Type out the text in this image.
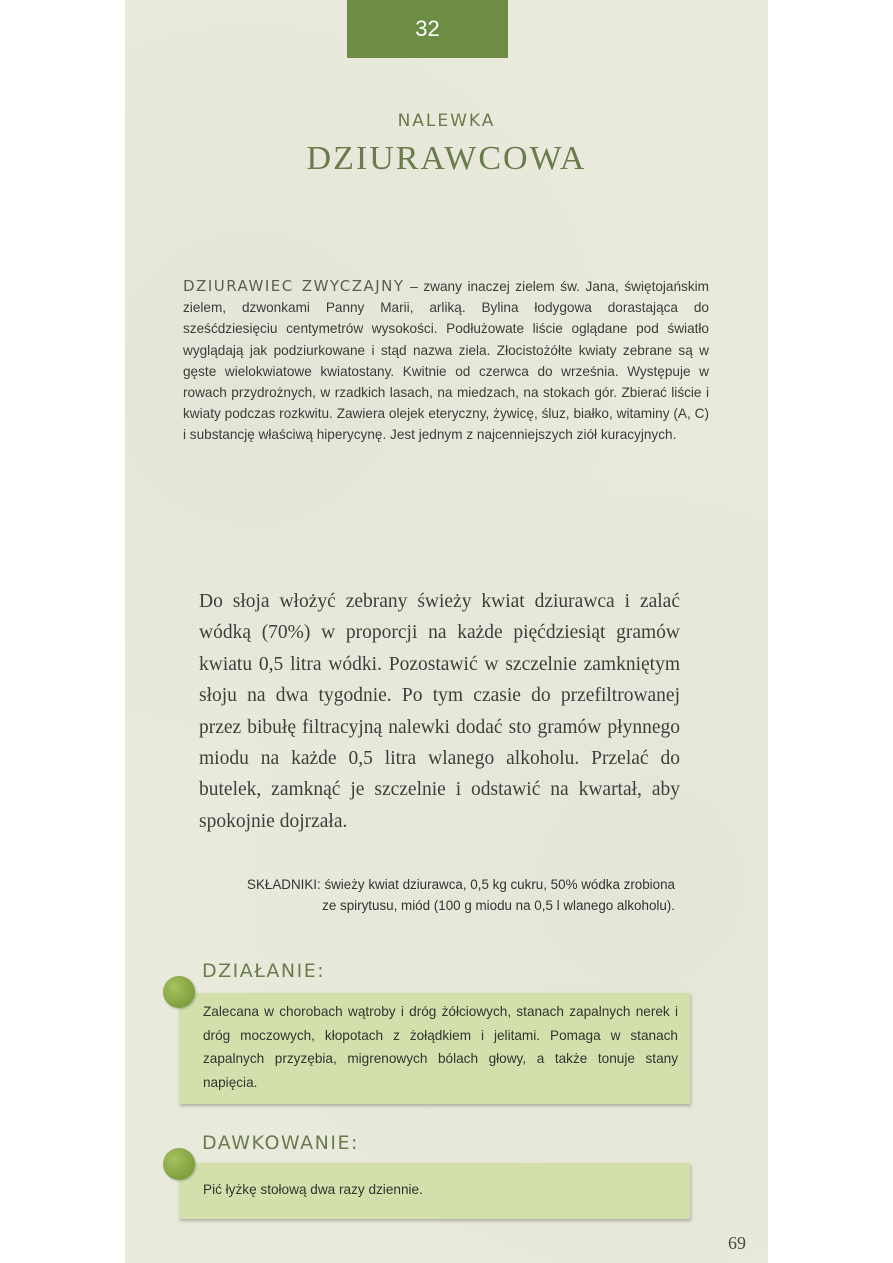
32
NALEWKA
DZIURAWCOWA
DZIURAWIEC ZWYCZAJNY – zwany inaczej zielem św. Jana, świętojańskim zielem, dzwonkami Panny Marii, arliką. Bylina łodygowa dorastająca do sześćdziesięciu centymetrów wysokości. Podłużowate liście oglądane pod światło wyglądają jak podziurkowane i stąd nazwa ziela. Złocistożółte kwiaty zebrane są w gęste wielokwiatowe kwiatostany. Kwitnie od czerwca do września. Występuje w rowach przydrożnych, w rzadkich lasach, na miedzach, na stokach gór. Zbierać liście i kwiaty podczas rozkwitu. Zawiera olejek eteryczny, żywicę, śluz, białko, witaminy (A, C) i substancję właściwą hiperycynę. Jest jednym z najcenniejszych ziół kuracyjnych.
Do słoja włożyć zebrany świeży kwiat dziurawca i zalać wódką (70%) w proporcji na każde pięćdziesiąt gramów kwiatu 0,5 litra wódki. Pozostawić w szczelnie zamkniętym słoju na dwa tygodnie. Po tym czasie do przefiltrowanej przez bibułę filtracyjną nalewki dodać sto gramów płynnego miodu na każde 0,5 litra wlanego alkoholu. Przelać do butelek, zamknąć je szczelnie i odstawić na kwartał, aby spokojnie dojrzała.
SKŁADNIKI: świeży kwiat dziurawca, 0,5 kg cukru, 50% wódka zrobiona
ze spirytusu, miód (100 g miodu na 0,5 l wlanego alkoholu).
DZIAŁANIE:
Zalecana w chorobach wątroby i dróg żółciowych, stanach zapalnych nerek i dróg moczowych, kłopotach z żołądkiem i jelitami. Pomaga w stanach zapalnych przyzębia, migrenowych bólach głowy, a także tonuje stany napięcia.
DAWKOWANIE:
Pić łyżkę stołową dwa razy dziennie.
69
